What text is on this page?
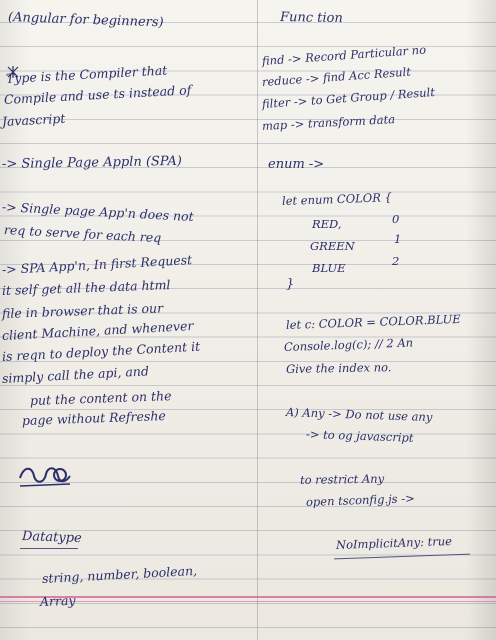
(Angular for beginners)

Type is the Compiler that

Compile and use ts instead of

Javascript

-> Single Page Appln (SPA)

-> Single page App'n does not

req to serve for each req

-> SPA App'n, In first Request

it self get all the data html

file in browser that is our

client Machine, and whenever

is reqn to deploy the Content it

simply call the api, and

put the content on the

page without Refreshe

Datatype

string, number, boolean,

Array

Func tion

find -> Record Particular no

reduce -> find Acc Result

filter -> to Get Group / Result

map -> transform data

enum ->

let enum COLOR {

RED,	0

GREEN	1

BLUE	2

}

let c: COLOR = COLOR.BLUE

Console.log(c); // 2 An

Give the index no.

A) Any -> Do not use any

-> to og javascript

to restrict Any

open tsconfig.js ->

NoImplicitAny: true
